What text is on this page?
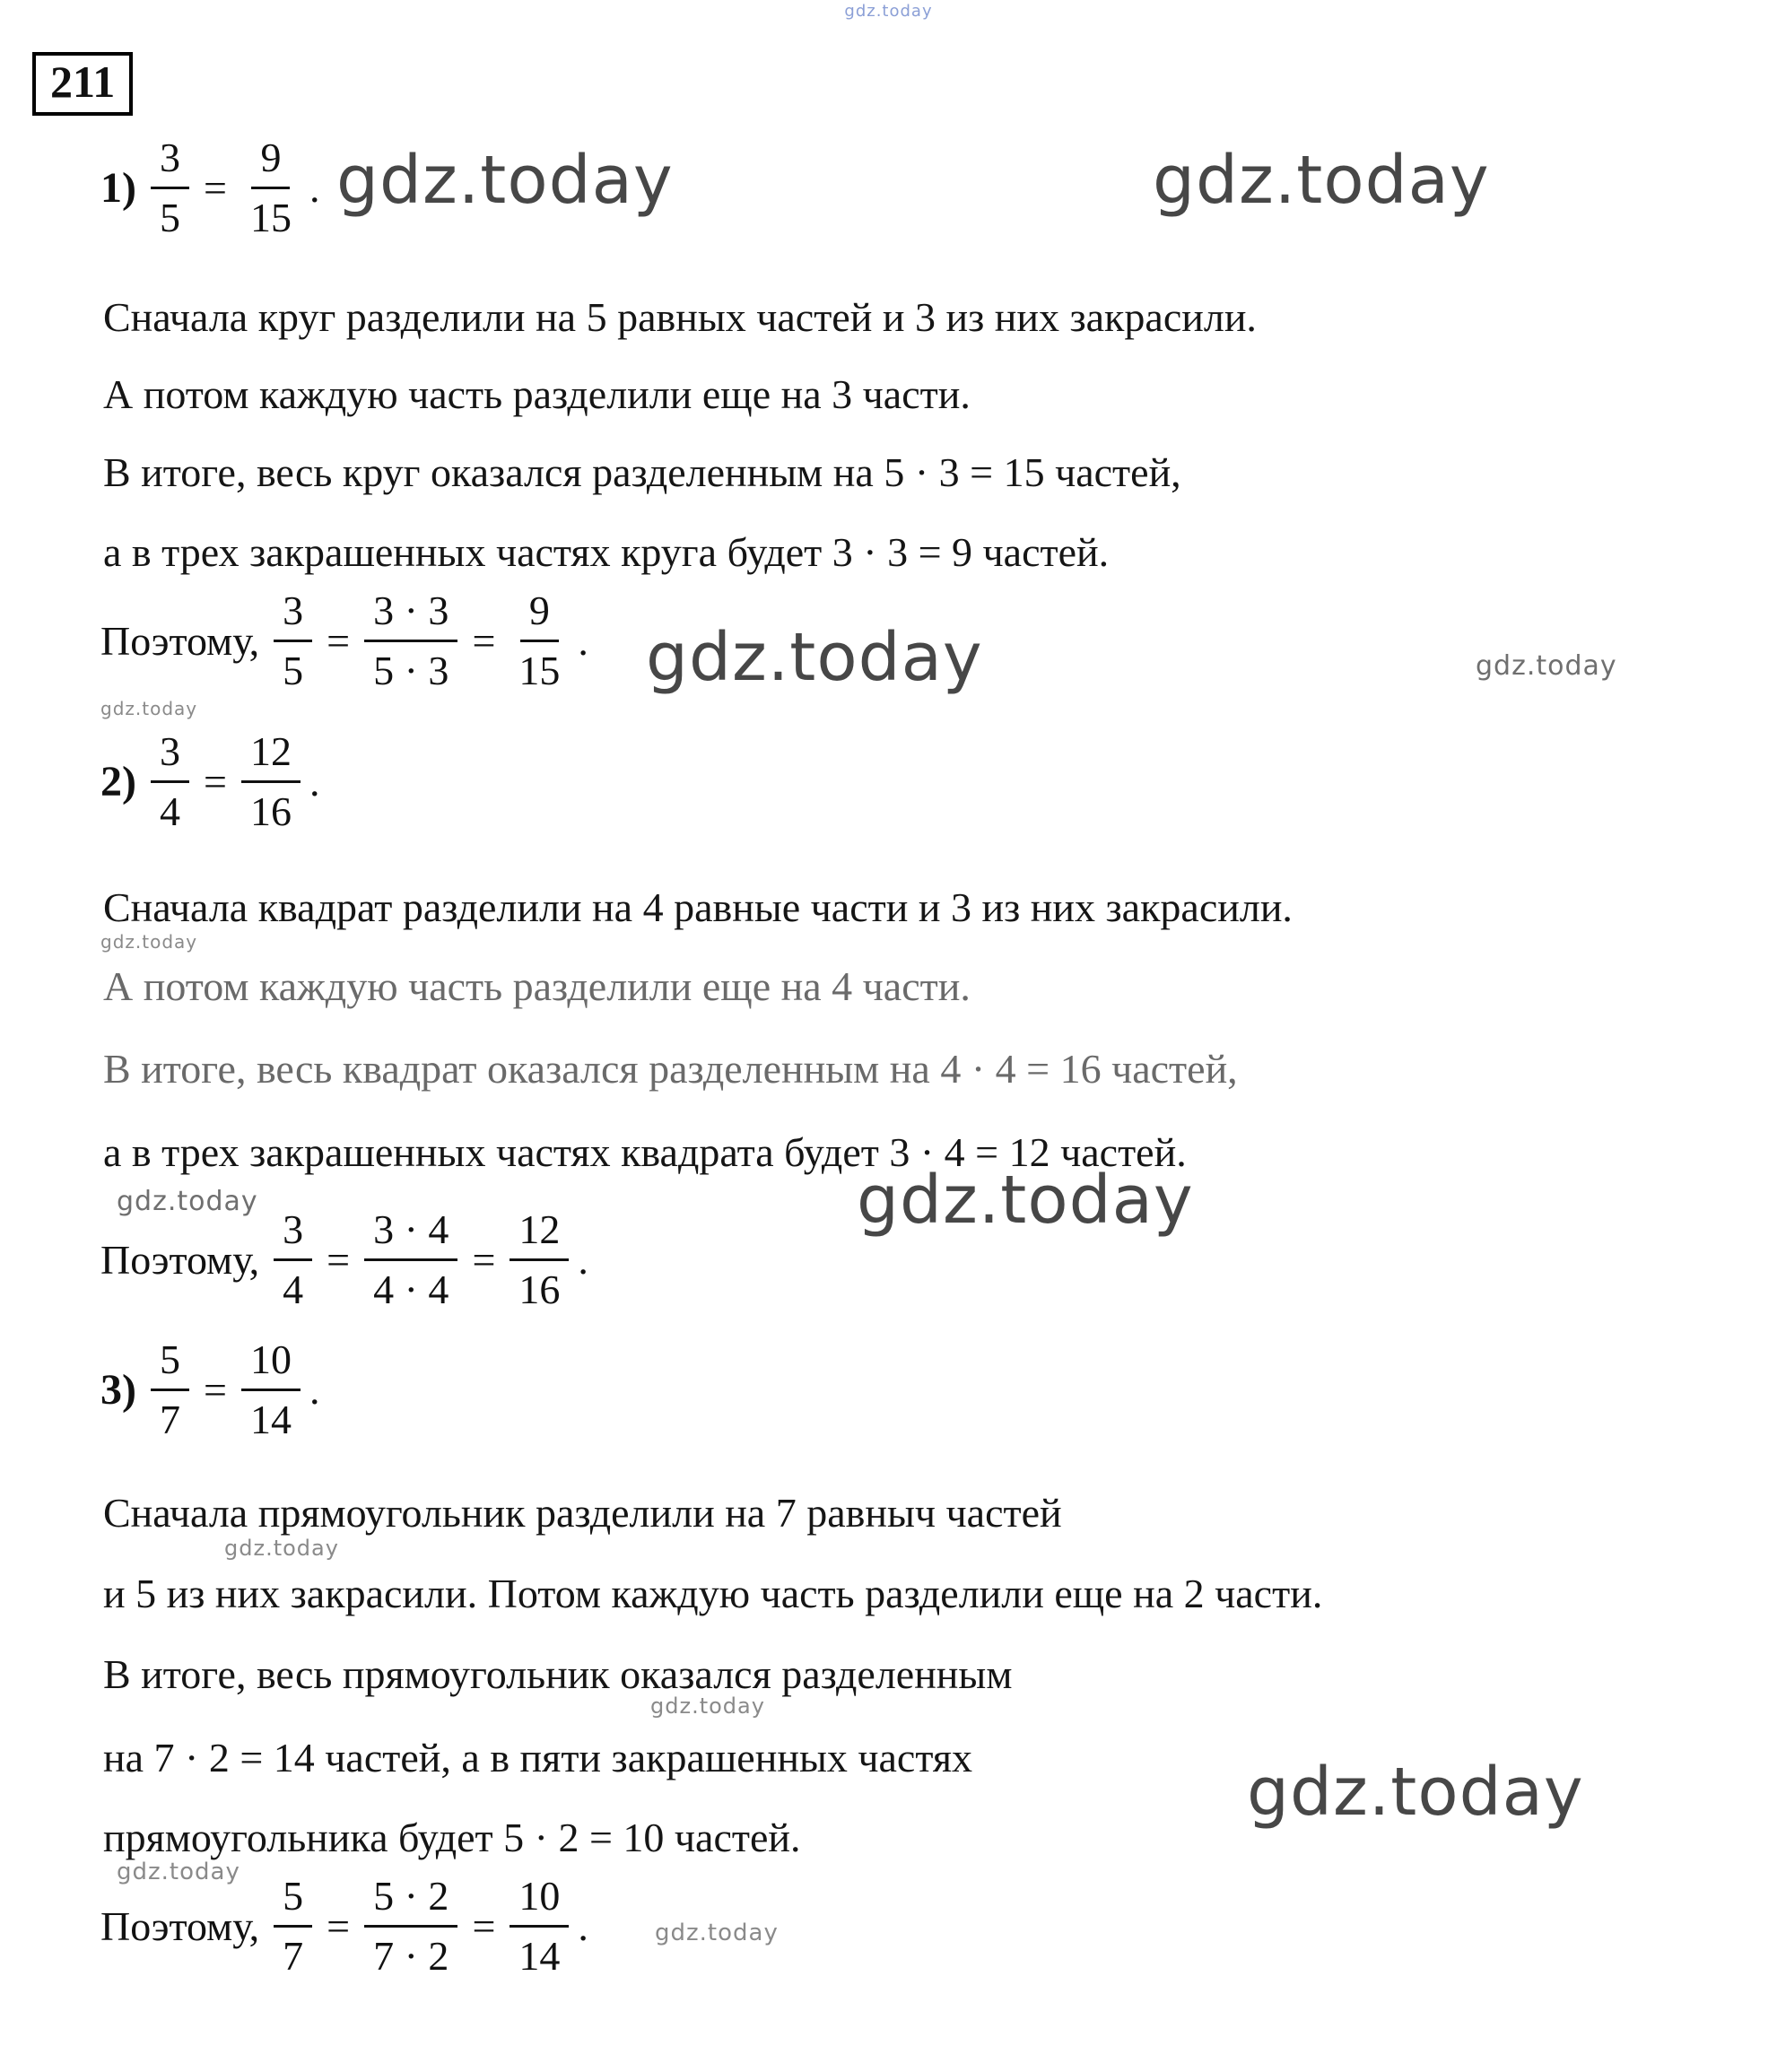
gdz.today
211
$1) \frac{3}{5} = \frac{9}{15}$ . gdz.today	gdz.today
Сначала круг разделили на 5 равных частей и 3 из них закрасили.
А потом каждую часть разделили еще на 3 части.
В итоге, весь круг оказался разделенным на 5 · 3 = 15 частей,
а в трех закрашенных частях круга будет 3 · 3 = 9 частей.
Поэтому, $\frac{3}{5} = \frac{3 \cdot 3}{5 \cdot 3} = \frac{9}{15}$ . gdz.today	gdz.today
gdz.today
$2) \frac{3}{4} = \frac{12}{16}$ .
Сначала квадрат разделили на 4 равные части и 3 из них закрасили.
gdz.today
А потом каждую часть разделили еще на 4 части.
В итоге, весь квадрат оказался разделенным на 4 · 4 = 16 частей,
а в трех закрашенных частях квадрата будет 3 · 4 = 12 частей.
gdz.today	gdz.today
Поэтому, $\frac{3}{4} = \frac{3 \cdot 4}{4 \cdot 4} = \frac{12}{16}$ .
$3) \frac{5}{7} = \frac{10}{14}$ .
Сначала прямоугольник разделили на 7 равныч частей
gdz.today
и 5 из них закрасили. Потом каждую часть разделили еще на 2 части.
В итоге, весь прямоугольник оказался разделенным
gdz.today
на 7 · 2 = 14 частей, а в пяти закрашенных частях
прямоугольника будет 5 · 2 = 10 частей.
gdz.today
gdz.today
Поэтому, $\frac{5}{7} = \frac{5 \cdot 2}{7 \cdot 2} = \frac{10}{14}$ .	gdz.today
